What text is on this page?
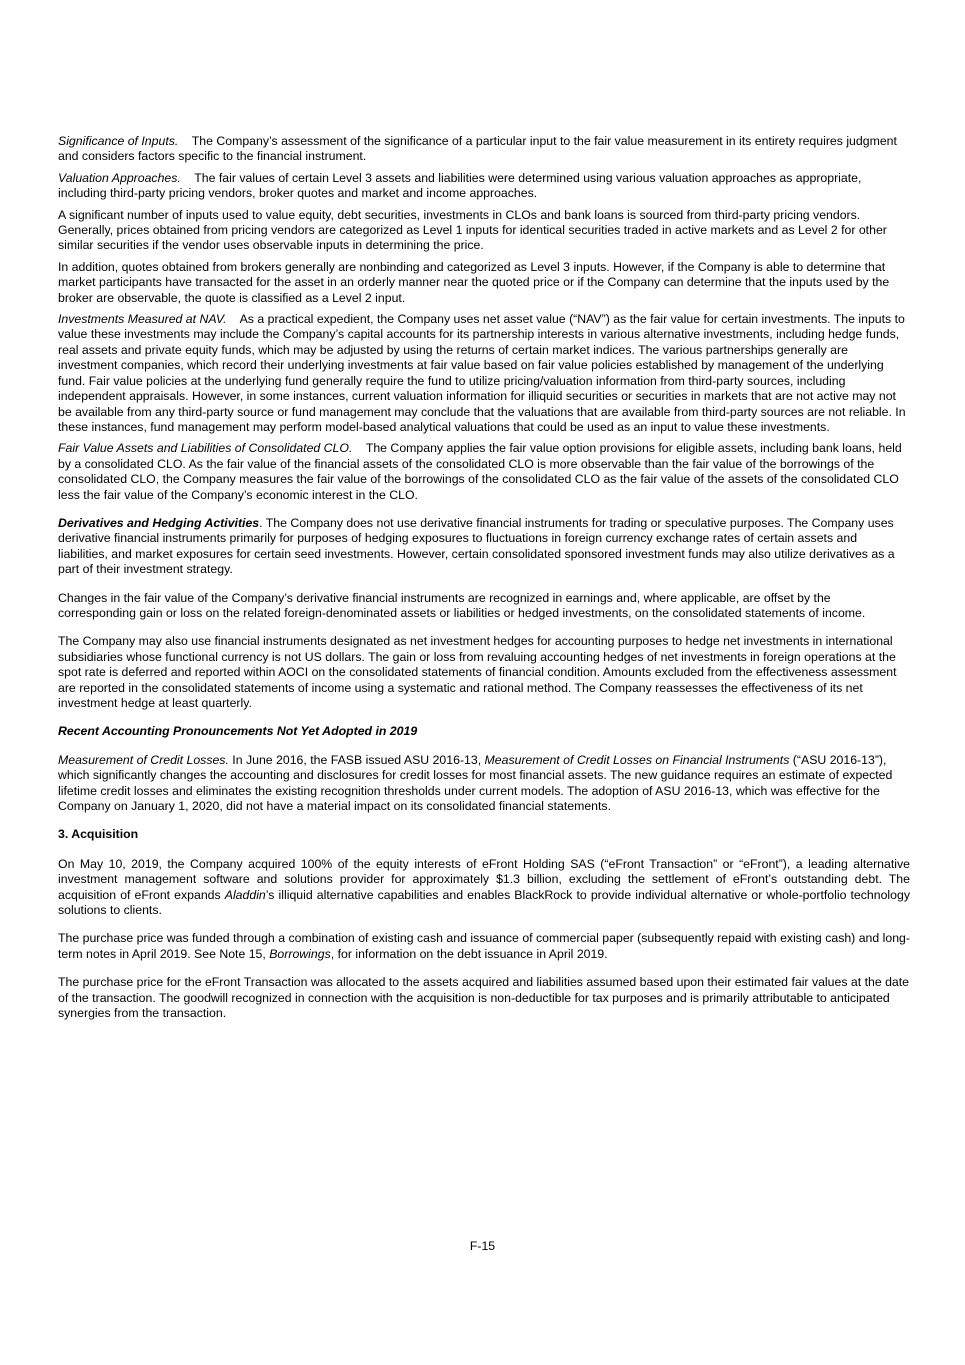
Significance of Inputs. The Company’s assessment of the significance of a particular input to the fair value measurement in its entirety requires judgment and considers factors specific to the financial instrument.

Valuation Approaches. The fair values of certain Level 3 assets and liabilities were determined using various valuation approaches as appropriate, including third-party pricing vendors, broker quotes and market and income approaches.

A significant number of inputs used to value equity, debt securities, investments in CLOs and bank loans is sourced from third-party pricing vendors. Generally, prices obtained from pricing vendors are categorized as Level 1 inputs for identical securities traded in active markets and as Level 2 for other similar securities if the vendor uses observable inputs in determining the price.

In addition, quotes obtained from brokers generally are nonbinding and categorized as Level 3 inputs. However, if the Company is able to determine that market participants have transacted for the asset in an orderly manner near the quoted price or if the Company can determine that the inputs used by the broker are observable, the quote is classified as a Level 2 input.

Investments Measured at NAV. As a practical expedient, the Company uses net asset value (“NAV”) as the fair value for certain investments. The inputs to value these investments may include the Company’s capital accounts for its partnership interests in various alternative investments, including hedge funds, real assets and private equity funds, which may be adjusted by using the returns of certain market indices. The various partnerships generally are investment companies, which record their underlying investments at fair value based on fair value policies established by management of the underlying fund. Fair value policies at the underlying fund generally require the fund to utilize pricing/valuation information from third-party sources, including independent appraisals. However, in some instances, current valuation information for illiquid securities or securities in markets that are not active may not be available from any third-party source or fund management may conclude that the valuations that are available from third-party sources are not reliable. In these instances, fund management may perform model-based analytical valuations that could be used as an input to value these investments.

Fair Value Assets and Liabilities of Consolidated CLO. The Company applies the fair value option provisions for eligible assets, including bank loans, held by a consolidated CLO. As the fair value of the financial assets of the consolidated CLO is more observable than the fair value of the borrowings of the consolidated CLO, the Company measures the fair value of the borrowings of the consolidated CLO as the fair value of the assets of the consolidated CLO less the fair value of the Company’s economic interest in the CLO.

Derivatives and Hedging Activities. The Company does not use derivative financial instruments for trading or speculative purposes. The Company uses derivative financial instruments primarily for purposes of hedging exposures to fluctuations in foreign currency exchange rates of certain assets and liabilities, and market exposures for certain seed investments. However, certain consolidated sponsored investment funds may also utilize derivatives as a part of their investment strategy.

Changes in the fair value of the Company’s derivative financial instruments are recognized in earnings and, where applicable, are offset by the corresponding gain or loss on the related foreign-denominated assets or liabilities or hedged investments, on the consolidated statements of income.

The Company may also use financial instruments designated as net investment hedges for accounting purposes to hedge net investments in international subsidiaries whose functional currency is not US dollars. The gain or loss from revaluing accounting hedges of net investments in foreign operations at the spot rate is deferred and reported within AOCI on the consolidated statements of financial condition. Amounts excluded from the effectiveness assessment are reported in the consolidated statements of income using a systematic and rational method. The Company reassesses the effectiveness of its net investment hedge at least quarterly.

Recent Accounting Pronouncements Not Yet Adopted in 2019

Measurement of Credit Losses. In June 2016, the FASB issued ASU 2016-13, Measurement of Credit Losses on Financial Instruments (“ASU 2016-13”), which significantly changes the accounting and disclosures for credit losses for most financial assets. The new guidance requires an estimate of expected lifetime credit losses and eliminates the existing recognition thresholds under current models. The adoption of ASU 2016-13, which was effective for the Company on January 1, 2020, did not have a material impact on its consolidated financial statements.

3. Acquisition

On May 10, 2019, the Company acquired 100% of the equity interests of eFront Holding SAS (“eFront Transaction” or “eFront”), a leading alternative investment management software and solutions provider for approximately $1.3 billion, excluding the settlement of eFront’s outstanding debt. The acquisition of eFront expands Aladdin’s illiquid alternative capabilities and enables BlackRock to provide individual alternative or whole-portfolio technology solutions to clients.

The purchase price was funded through a combination of existing cash and issuance of commercial paper (subsequently repaid with existing cash) and long-term notes in April 2019. See Note 15, Borrowings, for information on the debt issuance in April 2019.

The purchase price for the eFront Transaction was allocated to the assets acquired and liabilities assumed based upon their estimated fair values at the date of the transaction. The goodwill recognized in connection with the acquisition is non-deductible for tax purposes and is primarily attributable to anticipated synergies from the transaction.

F-15
